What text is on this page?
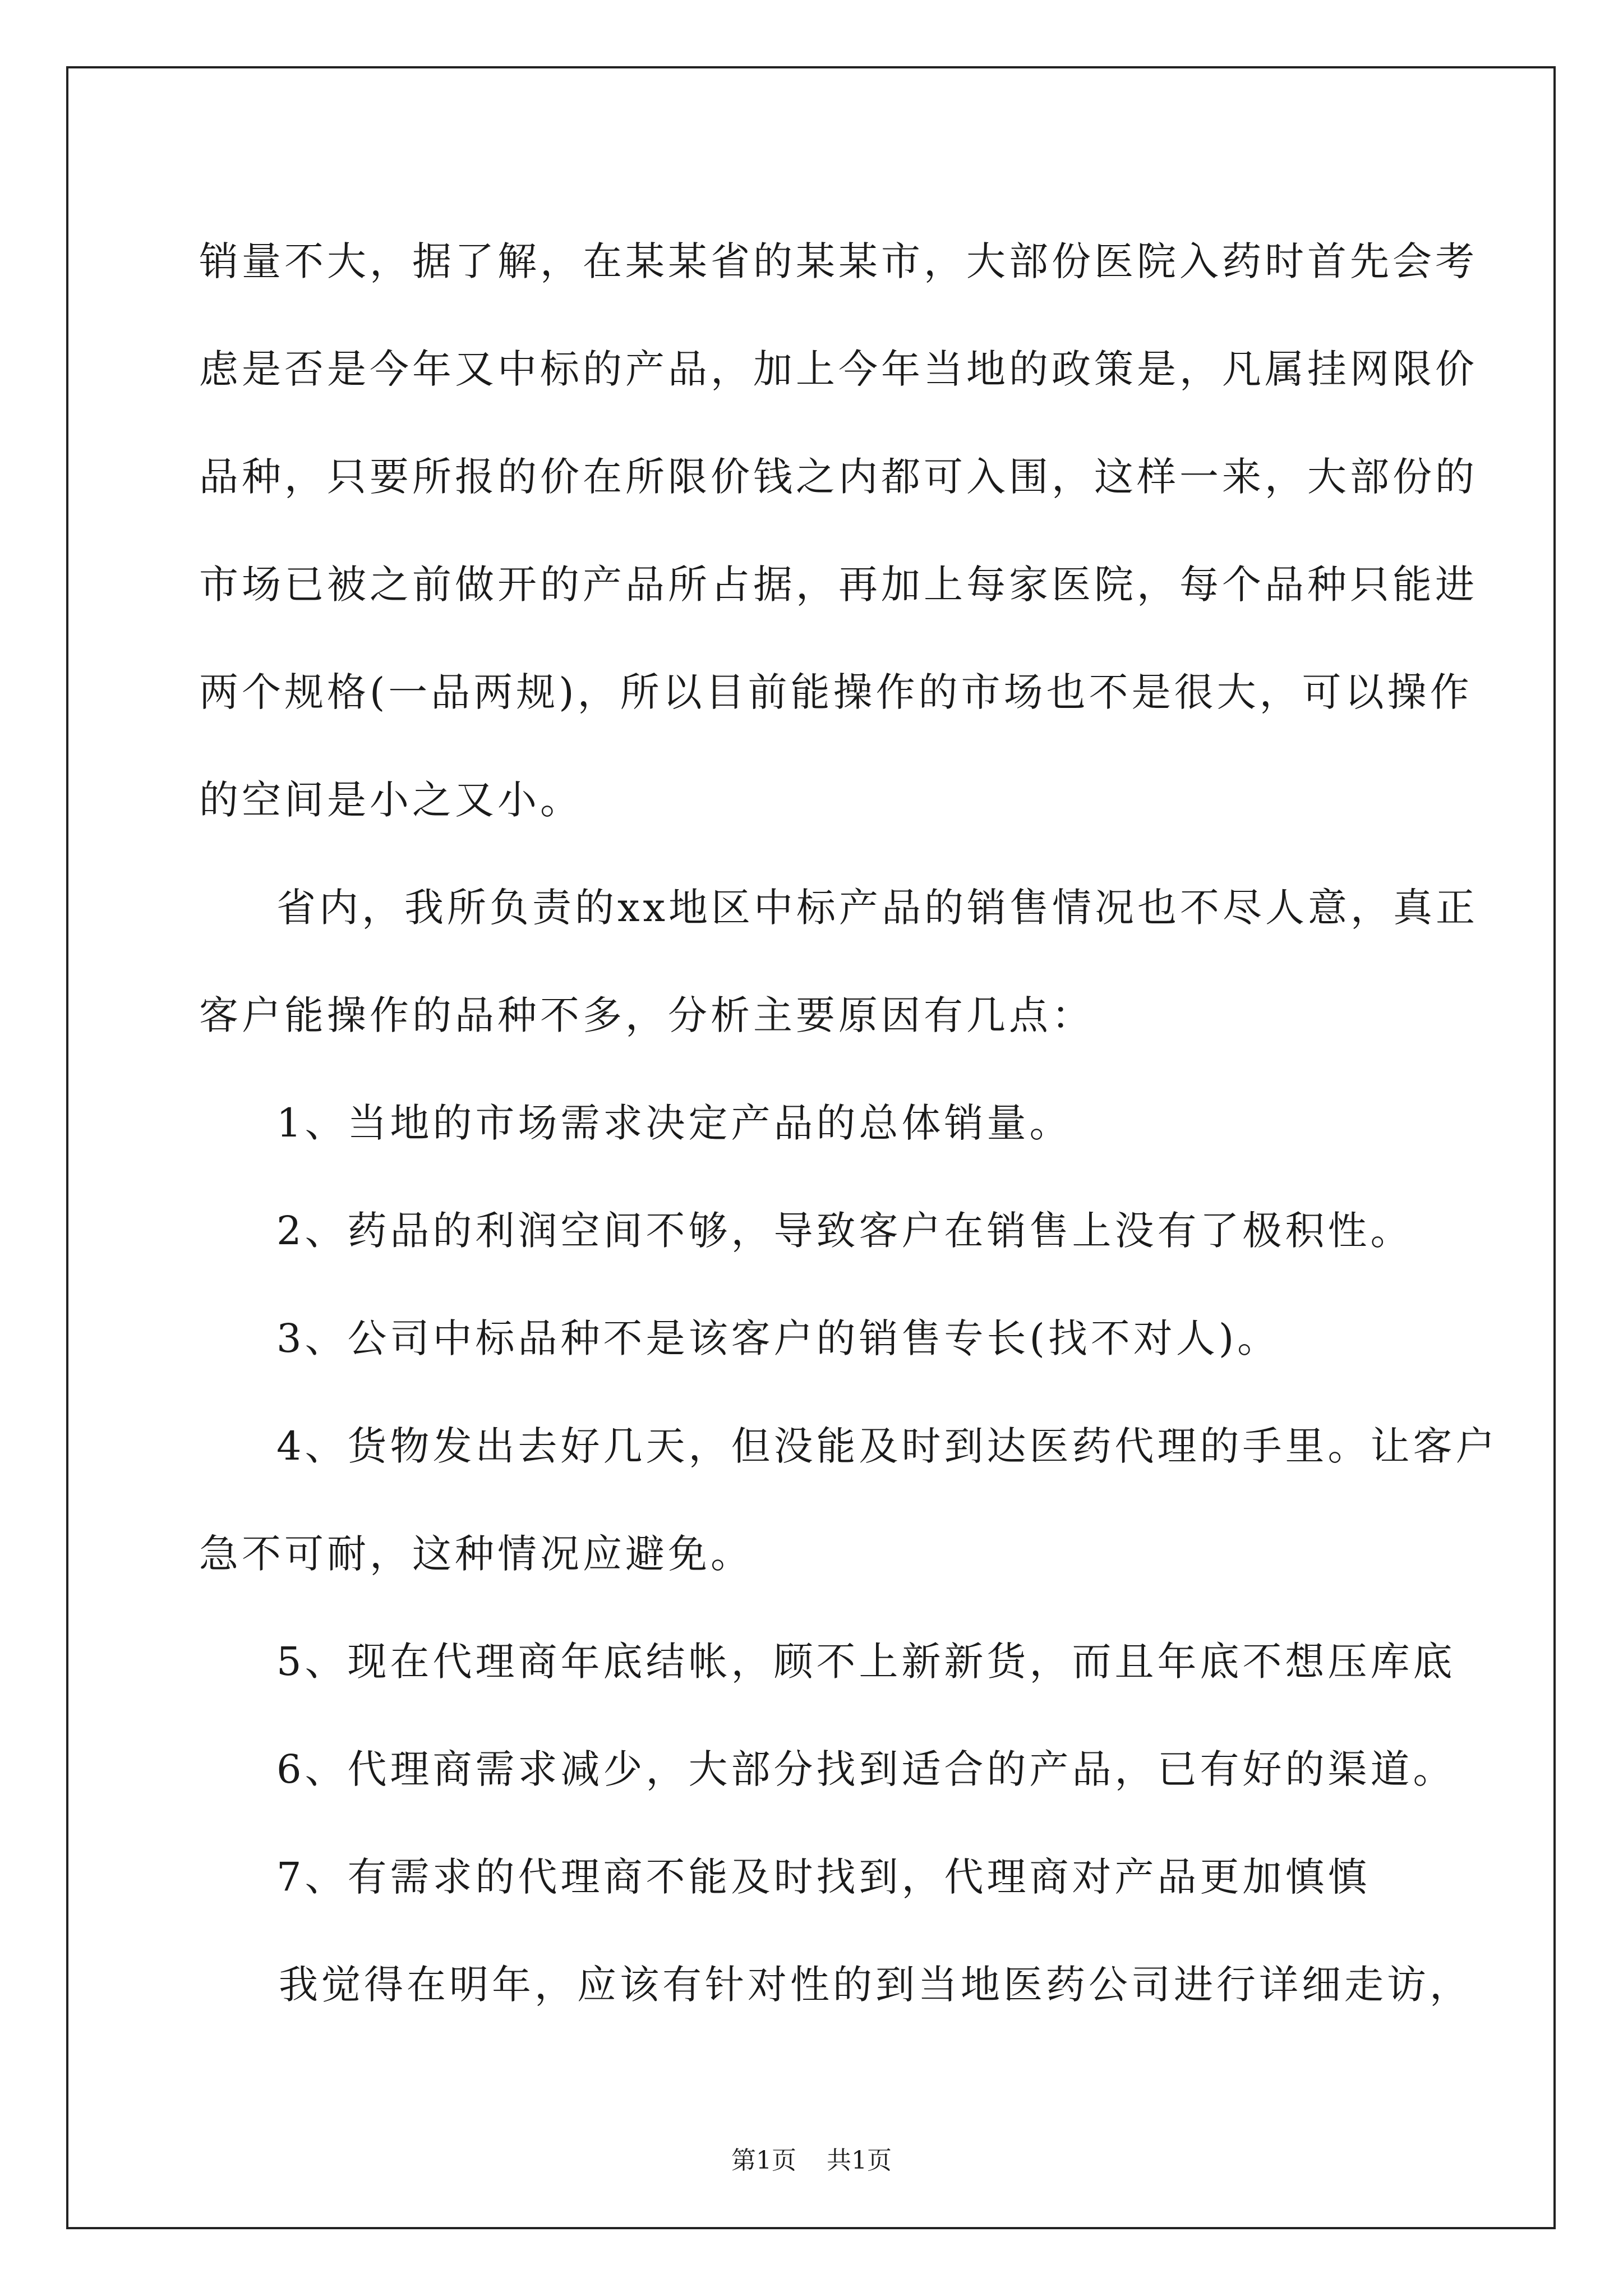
销量不大，据了解，在某某省的某某市，大部份医院入药时首先会考
虑是否是今年又中标的产品，加上今年当地的政策是，凡属挂网限价
品种，只要所报的价在所限价钱之内都可入围，这样一来，大部份的
市场已被之前做开的产品所占据，再加上每家医院，每个品种只能进
两个规格(一品两规)，所以目前能操作的市场也不是很大，可以操作
的空间是小之又小。
省内，我所负责的xx地区中标产品的销售情况也不尽人意，真正
客户能操作的品种不多，分析主要原因有几点：
1、当地的市场需求决定产品的总体销量。
2、药品的利润空间不够，导致客户在销售上没有了极积性。
3、公司中标品种不是该客户的销售专长(找不对人)。
4、货物发出去好几天，但没能及时到达医药代理的手里。让客户
急不可耐，这种情况应避免。
5、现在代理商年底结帐，顾不上新新货，而且年底不想压库底
6、代理商需求减少，大部分找到适合的产品，已有好的渠道。
7、有需求的代理商不能及时找到，代理商对产品更加慎慎
我觉得在明年，应该有针对性的到当地医药公司进行详细走访，
第1页 共1页
